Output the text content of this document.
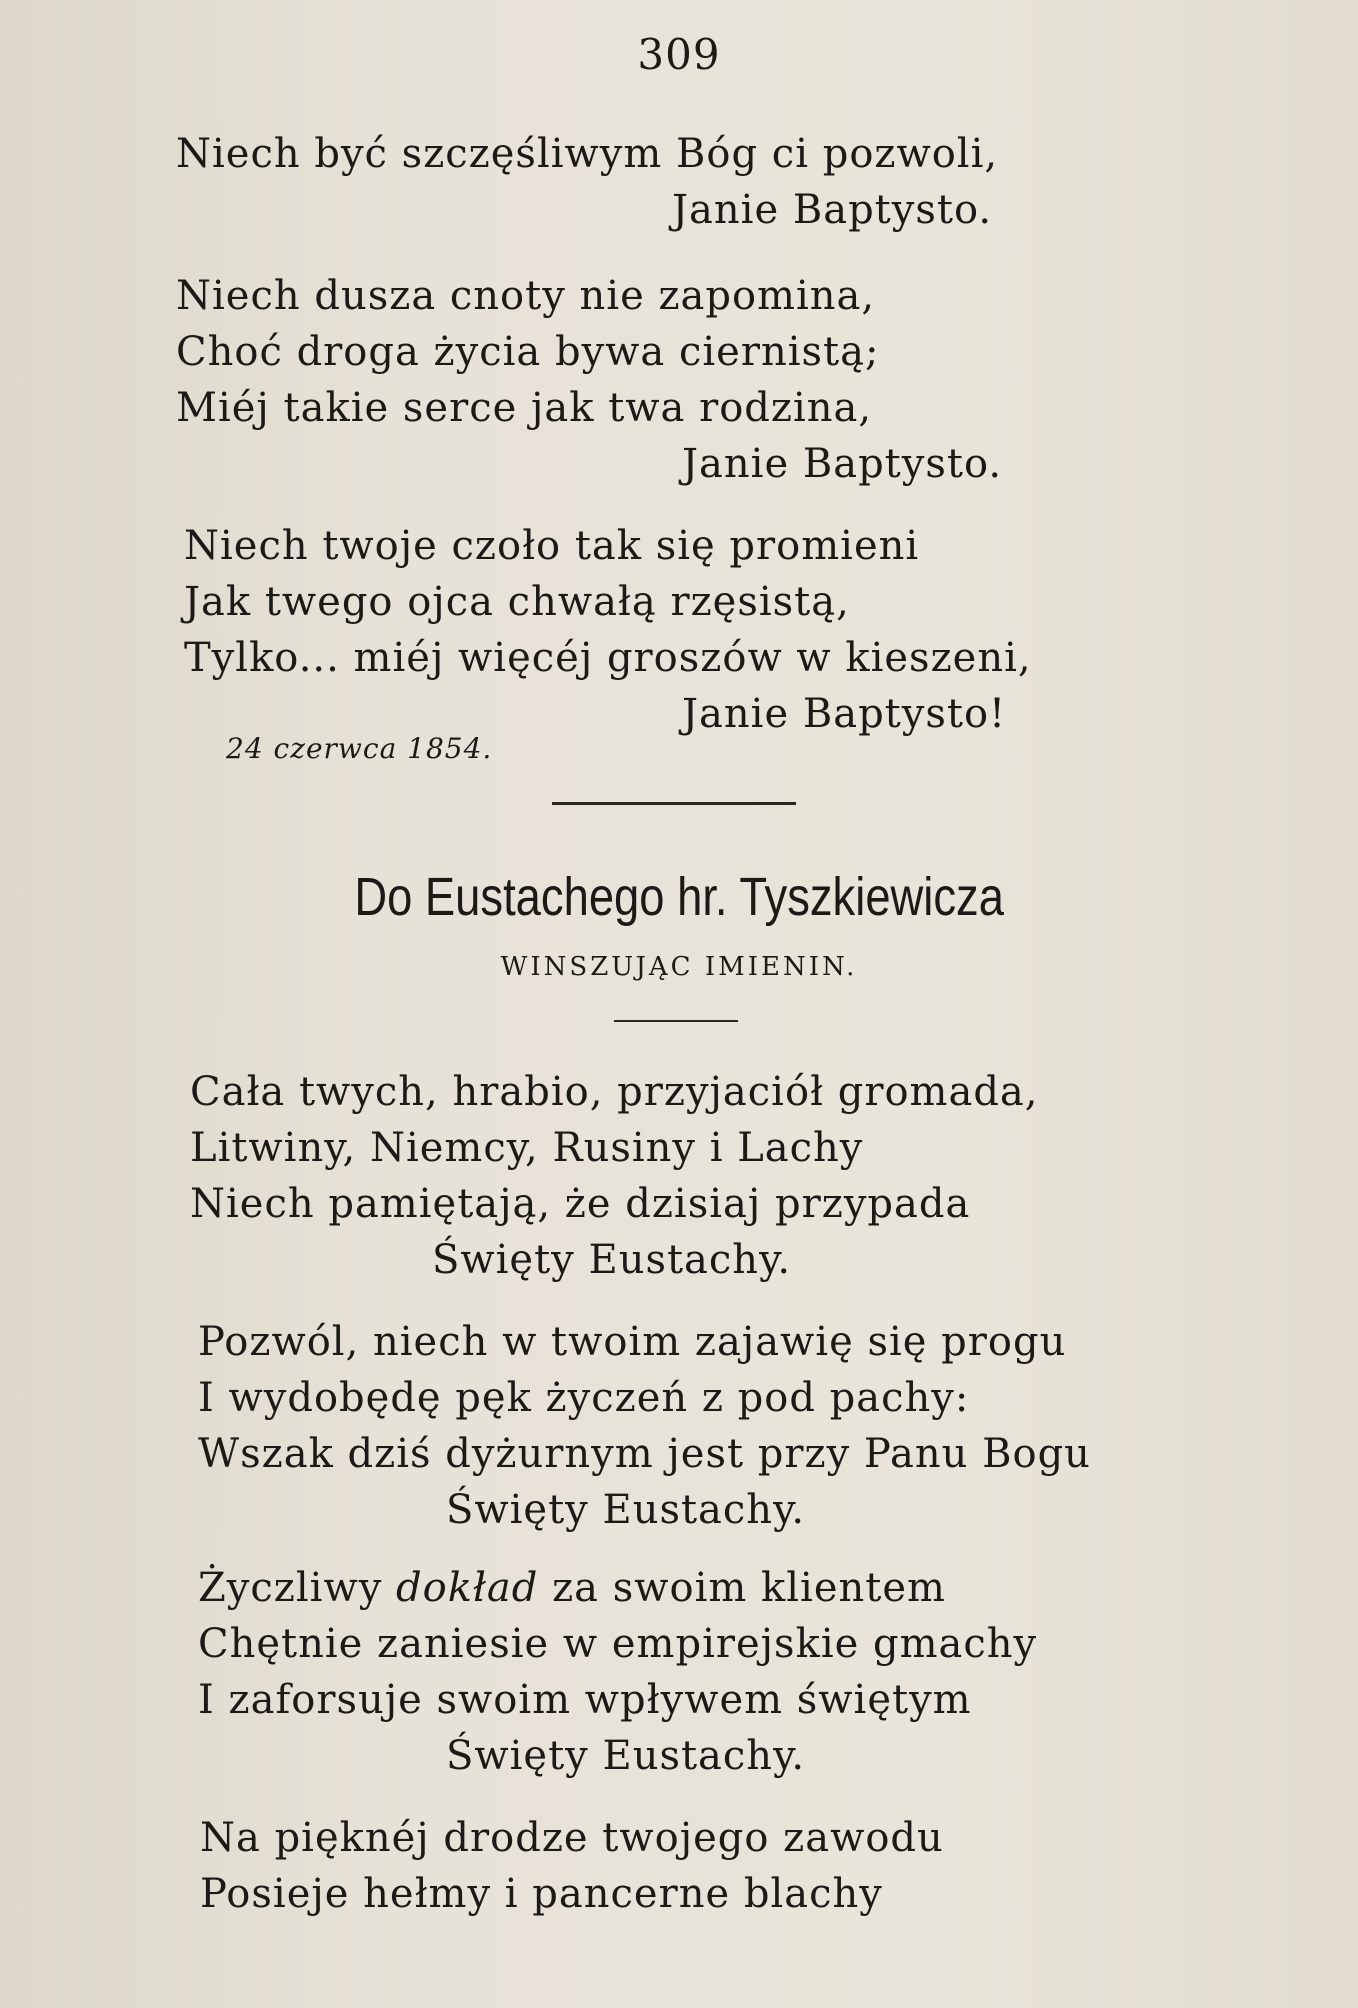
309
Niech być szczęśliwym Bóg ci pozwoli,
Janie Baptysto.
Niech dusza cnoty nie zapomina,
Choć droga życia bywa ciernistą;
Miéj takie serce jak twa rodzina,
Janie Baptysto.
Niech twoje czoło tak się promieni
Jak twego ojca chwałą rzęsistą,
Tylko... miéj więcéj groszów w kieszeni,
Janie Baptysto!
24 czerwca 1854.
Do Eustachego hr. Tyszkiewicza
WINSZUJĄC IMIENIN.
Cała twych, hrabio, przyjaciół gromada,
Litwiny, Niemcy, Rusiny i Lachy
Niech pamiętają, że dzisiaj przypada
Święty Eustachy.
Pozwól, niech w twoim zajawię się progu
I wydobędę pęk życzeń z pod pachy:
Wszak dziś dyżurnym jest przy Panu Bogu
Święty Eustachy.
Życzliwy dokład za swoim klientem
Chętnie zaniesie w empirejskie gmachy
I zaforsuje swoim wpływem świętym
Święty Eustachy.
Na pięknéj drodze twojego zawodu
Posieje hełmy i pancerne blachy
